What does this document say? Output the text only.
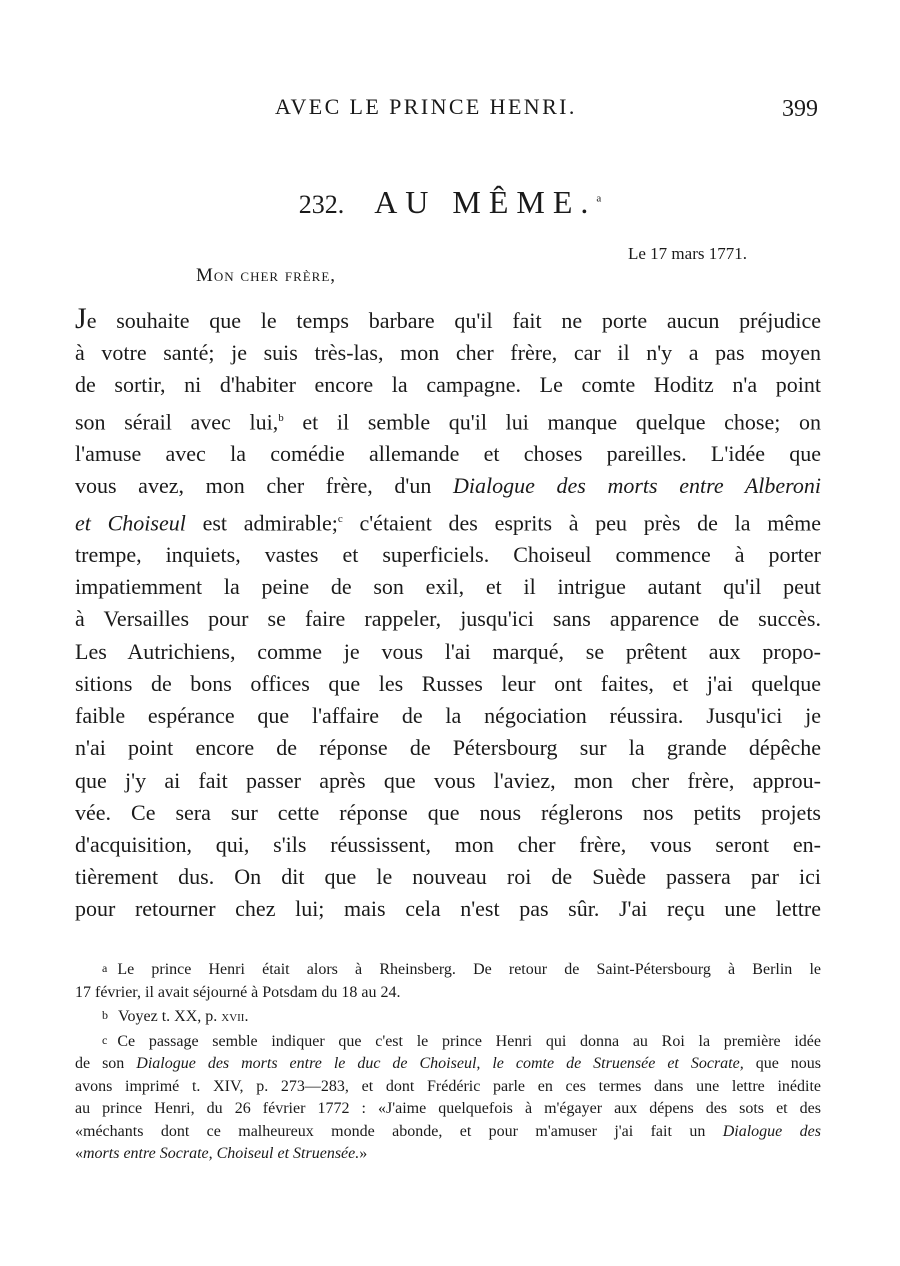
AVEC LE PRINCE HENRI.	399
232. AU MÊME.$^a$
Le 17 mars 1771.
Mon cher frère,
Je souhaite que le temps barbare qu'il fait ne porte aucun préjudice
à votre santé; je suis très-las, mon cher frère, car il n'y a pas moyen
de sortir, ni d'habiter encore la campagne. Le comte Hoditz n'a point
son sérail avec lui,$^b$ et il semble qu'il lui manque quelque chose; on
l'amuse avec la comédie allemande et choses pareilles. L'idée que
vous avez, mon cher frère, d'un Dialogue des morts entre Alberoni
et Choiseul est admirable;$^c$ c'étaient des esprits à peu près de la même
trempe, inquiets, vastes et superficiels. Choiseul commence à porter
impatiemment la peine de son exil, et il intrigue autant qu'il peut
à Versailles pour se faire rappeler, jusqu'ici sans apparence de succès.
Les Autrichiens, comme je vous l'ai marqué, se prêtent aux propo-
sitions de bons offices que les Russes leur ont faites, et j'ai quelque
faible espérance que l'affaire de la négociation réussira. Jusqu'ici je
n'ai point encore de réponse de Pétersbourg sur la grande dépêche
que j'y ai fait passer après que vous l'aviez, mon cher frère, approu-
vée. Ce sera sur cette réponse que nous réglerons nos petits projets
d'acquisition, qui, s'ils réussissent, mon cher frère, vous seront en-
tièrement dus. On dit que le nouveau roi de Suède passera par ici
pour retourner chez lui; mais cela n'est pas sûr. J'ai reçu une lettre
a Le prince Henri était alors à Rheinsberg. De retour de Saint-Pétersbourg à Berlin le
17 février, il avait séjourné à Potsdam du 18 au 24.
b Voyez t. XX, p. xvii.
c Ce passage semble indiquer que c'est le prince Henri qui donna au Roi la première idée
de son Dialogue des morts entre le duc de Choiseul, le comte de Struensée et Socrate, que nous
avons imprimé t. XIV, p. 273—283, et dont Frédéric parle en ces termes dans une lettre inédite
au prince Henri, du 26 février 1772 : «J'aime quelquefois à m'égayer aux dépens des sots et des
«méchants dont ce malheureux monde abonde, et pour m'amuser j'ai fait un Dialogue des
«morts entre Socrate, Choiseul et Struensée.»
